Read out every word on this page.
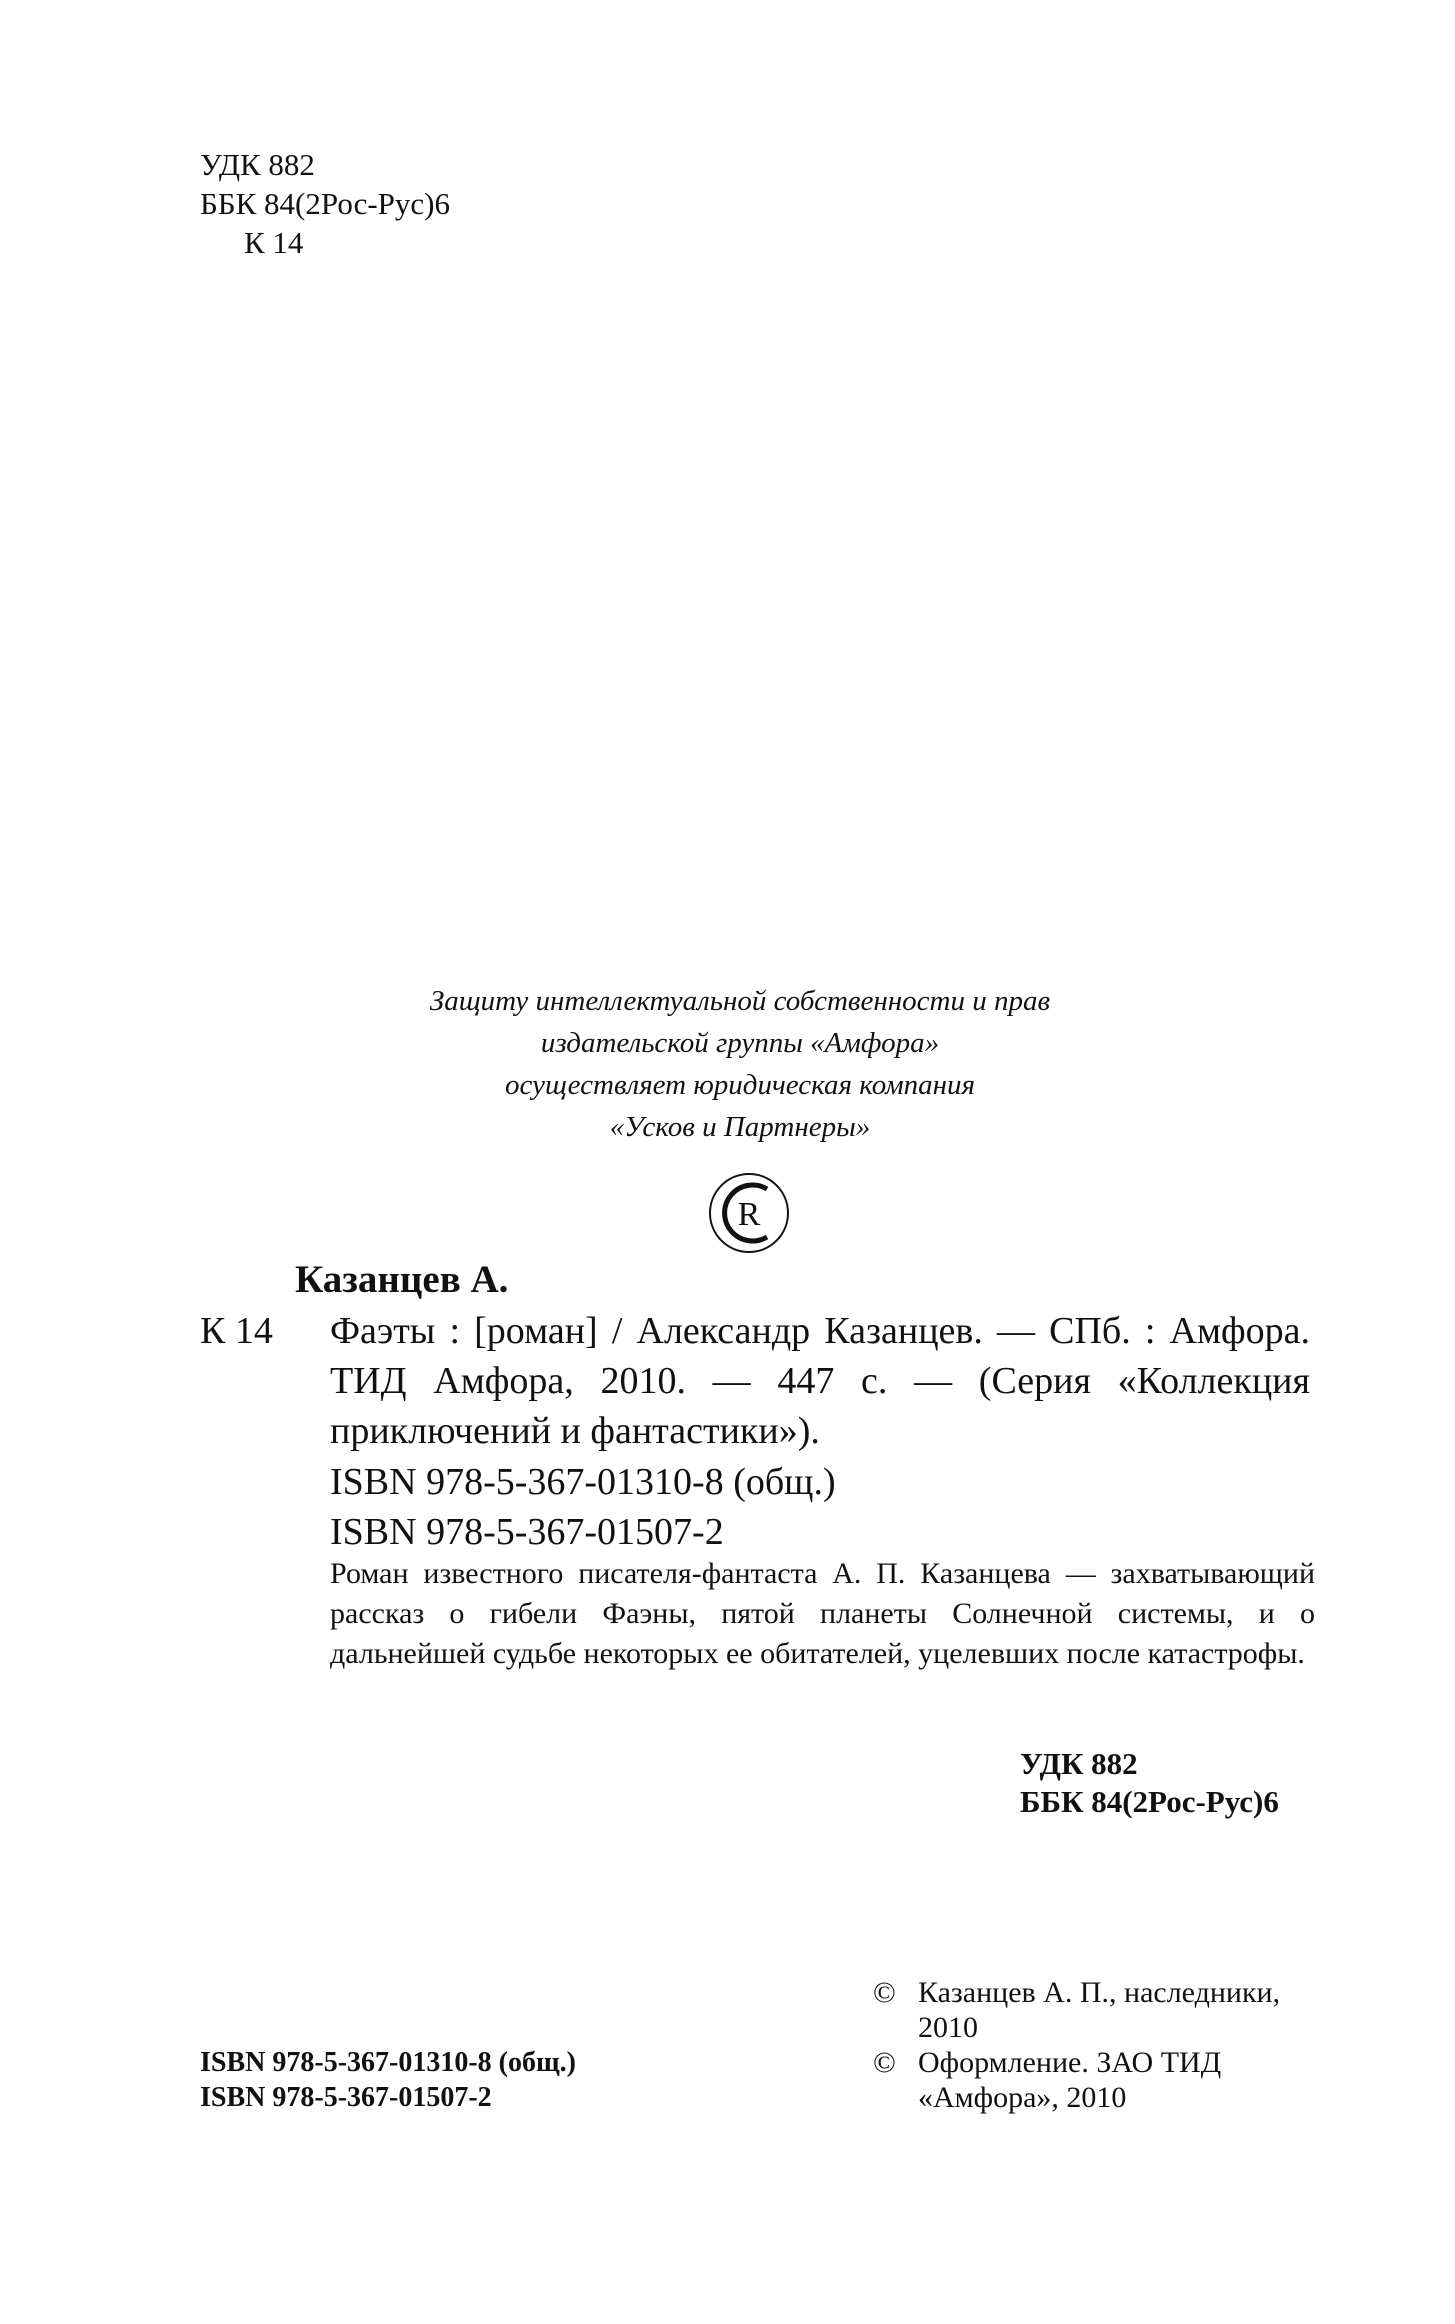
УДК 882
ББК 84(2Рос-Рус)6
К 14
Защиту интеллектуальной собственности и прав
издательской группы «Амфора»
осуществляет юридическая компания
«Усков и Партнеры»
R
Казанцев А.
К 14 Фаэты : [роман] / Александр Казанцев. — СПб. : Амфора. ТИД Амфора, 2010. — 447 с. — (Серия «Коллекция приключений и фантастики»).
ISBN 978-5-367-01310-8 (общ.)
ISBN 978-5-367-01507-2
Роман известного писателя-фантаста А. П. Казанцева — захватывающий рассказ о гибели Фаэны, пятой планеты Солнечной системы, и о дальнейшей судьбе некоторых ее обитателей, уцелевших после катастрофы.
УДК 882
ББК 84(2Рос-Рус)6
© Казанцев А. П., наследники, 2010
© Оформление. ЗАО ТИД «Амфора», 2010
ISBN 978-5-367-01310-8 (общ.)
ISBN 978-5-367-01507-2
